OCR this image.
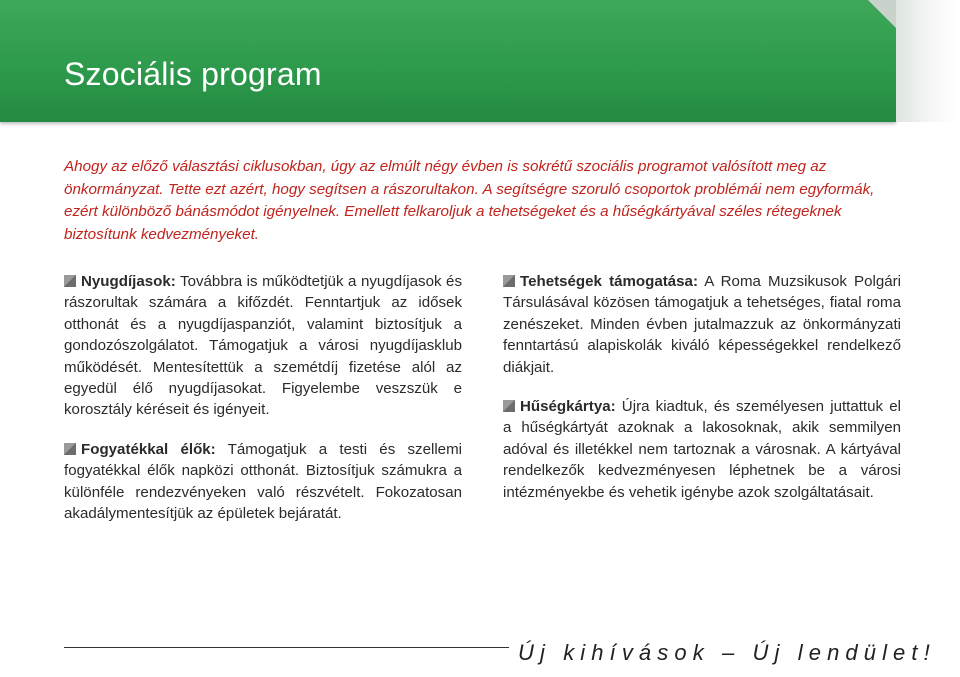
Szociális program

Ahogy az előző választási ciklusokban, úgy az elmúlt négy évben is sokrétű szociális programot valósított meg az önkormányzat. Tette ezt azért, hogy segítsen a rászorultakon. A segítségre szoruló csoportok problémái nem egyformák, ezért különböző bánásmódot igényelnek. Emellett felkaroljuk a tehetségeket és a hűségkártyával széles rétegeknek biztosítunk kedvezményeket.

Nyugdíjasok: Továbbra is működtetjük a nyugdíjasok és rászorultak számára a kifőzdét. Fenntartjuk az idősek otthonát és a nyugdíjaspanziót, valamint biztosítjuk a gondozószolgálatot. Támogatjuk a városi nyugdíjasklub működését. Mentesítettük a szemétdíj fizetése alól az egyedül élő nyugdíjasokat. Figyelembe veszszük e korosztály kéréseit és igényeit.

Fogyatékkal élők: Támogatjuk a testi és szellemi fogyatékkal élők napközi otthonát. Biztosítjuk számukra a különféle rendezvényeken való részvételt. Fokozatosan akadálymentesítjük az épületek bejáratát.

Tehetségek támogatása: A Roma Muzsikusok Polgári Társulásával közösen támogatjuk a tehetséges, fiatal roma zenészeket. Minden évben jutalmazzuk az önkormányzati fenntartású alapiskolák kiváló képességekkel rendelkező diákjait.

Hűségkártya: Újra kiadtuk, és személyesen juttattuk el a hűségkártyát azoknak a lakosoknak, akik semmilyen adóval és illetékkel nem tartoznak a városnak. A kártyával rendelkezők kedvezményesen léphetnek be a városi intézményekbe és vehetik igénybe azok szolgáltatásait.

Új kihívások – Új lendület!
